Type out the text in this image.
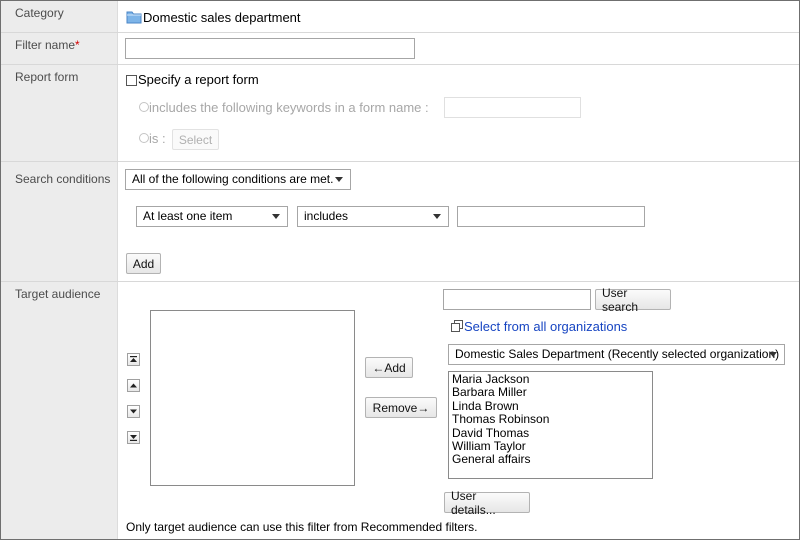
Category	Domestic sales department
Filter name*
Report form	Specify a report form
includes the following keywords in a form name :
is :	Select
Search conditions	All of the following conditions are met.
At least one item	includes
Add
Target audience
←Add
Remove→
User search
Select from all organizations
Domestic Sales Department (Recently selected organization)
Maria Jackson
Barbara Miller
Linda Brown
Thomas Robinson
David Thomas
William Taylor
General affairs
User details...
Only target audience can use this filter from Recommended filters.
